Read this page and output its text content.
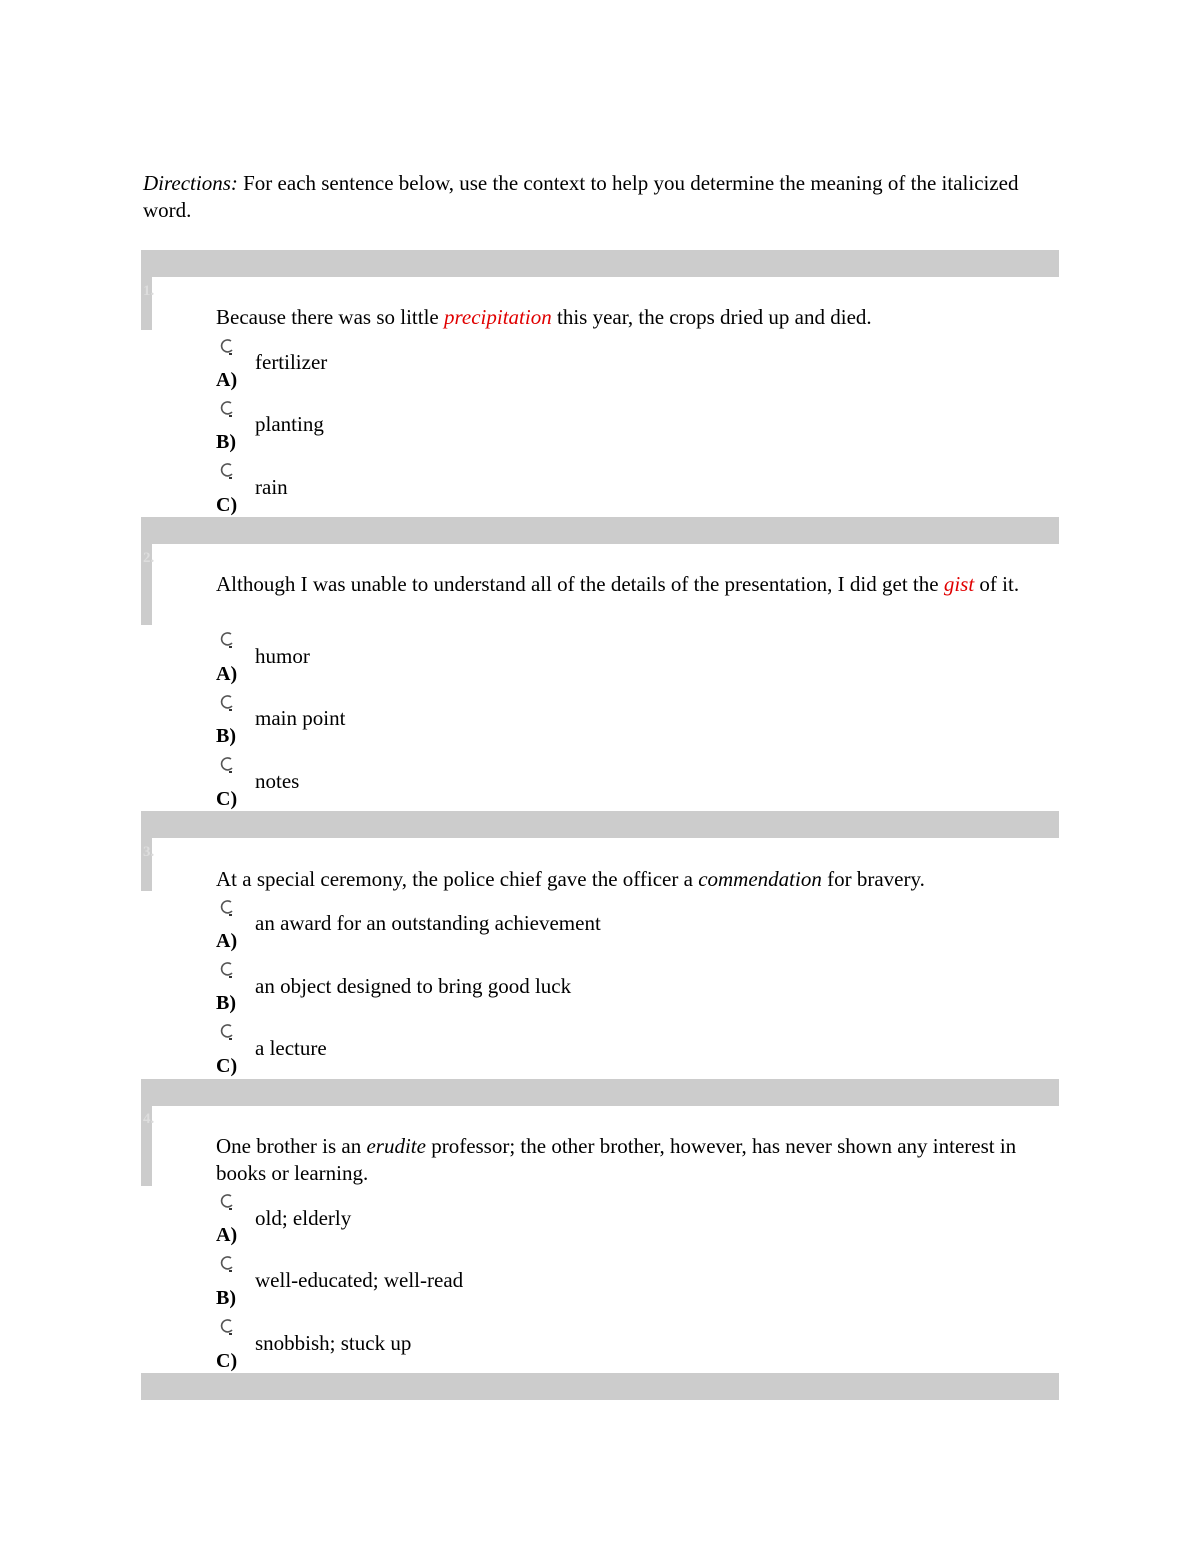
Directions: For each sentence below, use the context to help you determine the meaning of the italicized word.
1.
Because there was so little precipitation this year, the crops dried up and died.
A)
fertilizer
B)
planting
C)
rain
2.
Although I was unable to understand all of the details of the presentation, I did get the gist of it.
A)
humor
B)
main point
C)
notes
3.
At a special ceremony, the police chief gave the officer a commendation for bravery.
A)
an award for an outstanding achievement
B)
an object designed to bring good luck
C)
a lecture
4.
One brother is an erudite professor; the other brother, however, has never shown any interest in books or learning.
A)
old; elderly
B)
well-educated; well-read
C)
snobbish; stuck up
